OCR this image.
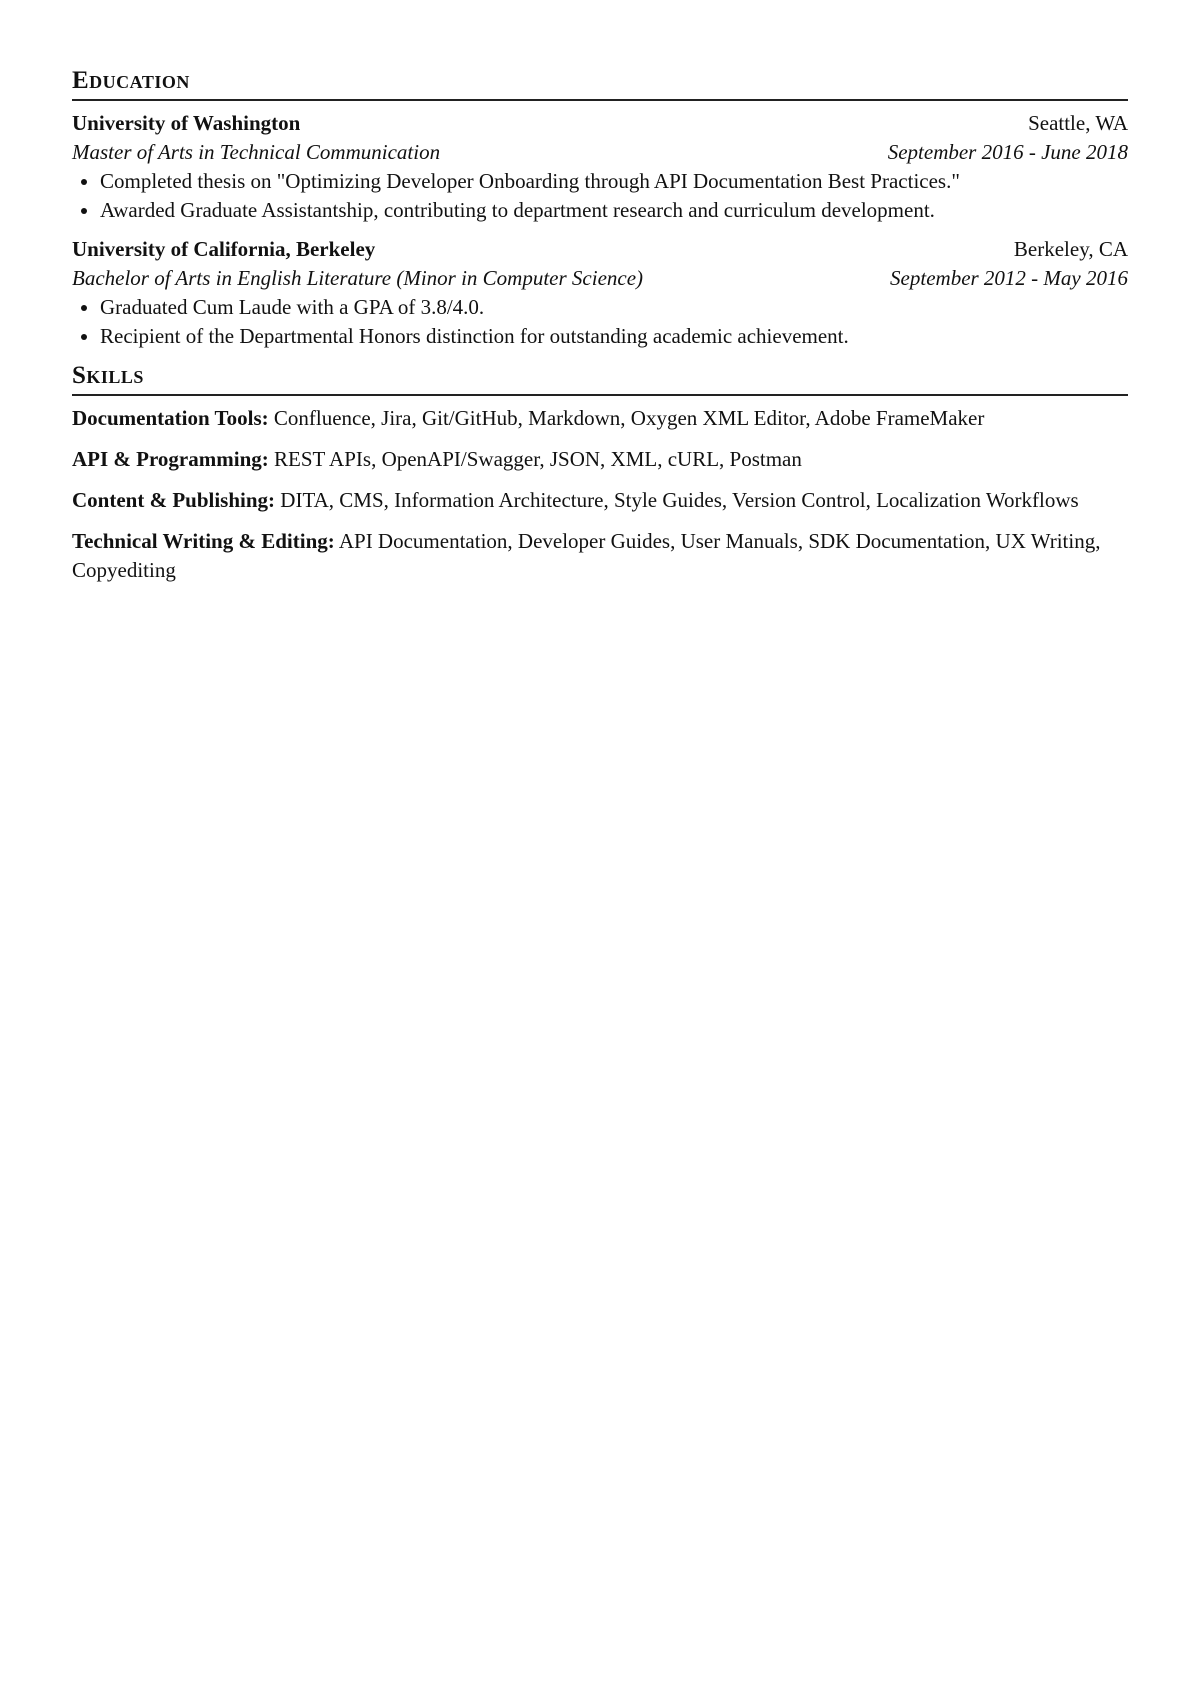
Education
University of Washington	Seattle, WA
Master of Arts in Technical Communication	September 2016 - June 2018
• Completed thesis on "Optimizing Developer Onboarding through API Documentation Best Practices."
• Awarded Graduate Assistantship, contributing to department research and curriculum development.
University of California, Berkeley	Berkeley, CA
Bachelor of Arts in English Literature (Minor in Computer Science)	September 2012 - May 2016
• Graduated Cum Laude with a GPA of 3.8/4.0.
• Recipient of the Departmental Honors distinction for outstanding academic achievement.
Skills
Documentation Tools: Confluence, Jira, Git/GitHub, Markdown, Oxygen XML Editor, Adobe FrameMaker
API & Programming: REST APIs, OpenAPI/Swagger, JSON, XML, cURL, Postman
Content & Publishing: DITA, CMS, Information Architecture, Style Guides, Version Control, Localization Workflows
Technical Writing & Editing: API Documentation, Developer Guides, User Manuals, SDK Documentation, UX Writing, Copyediting
